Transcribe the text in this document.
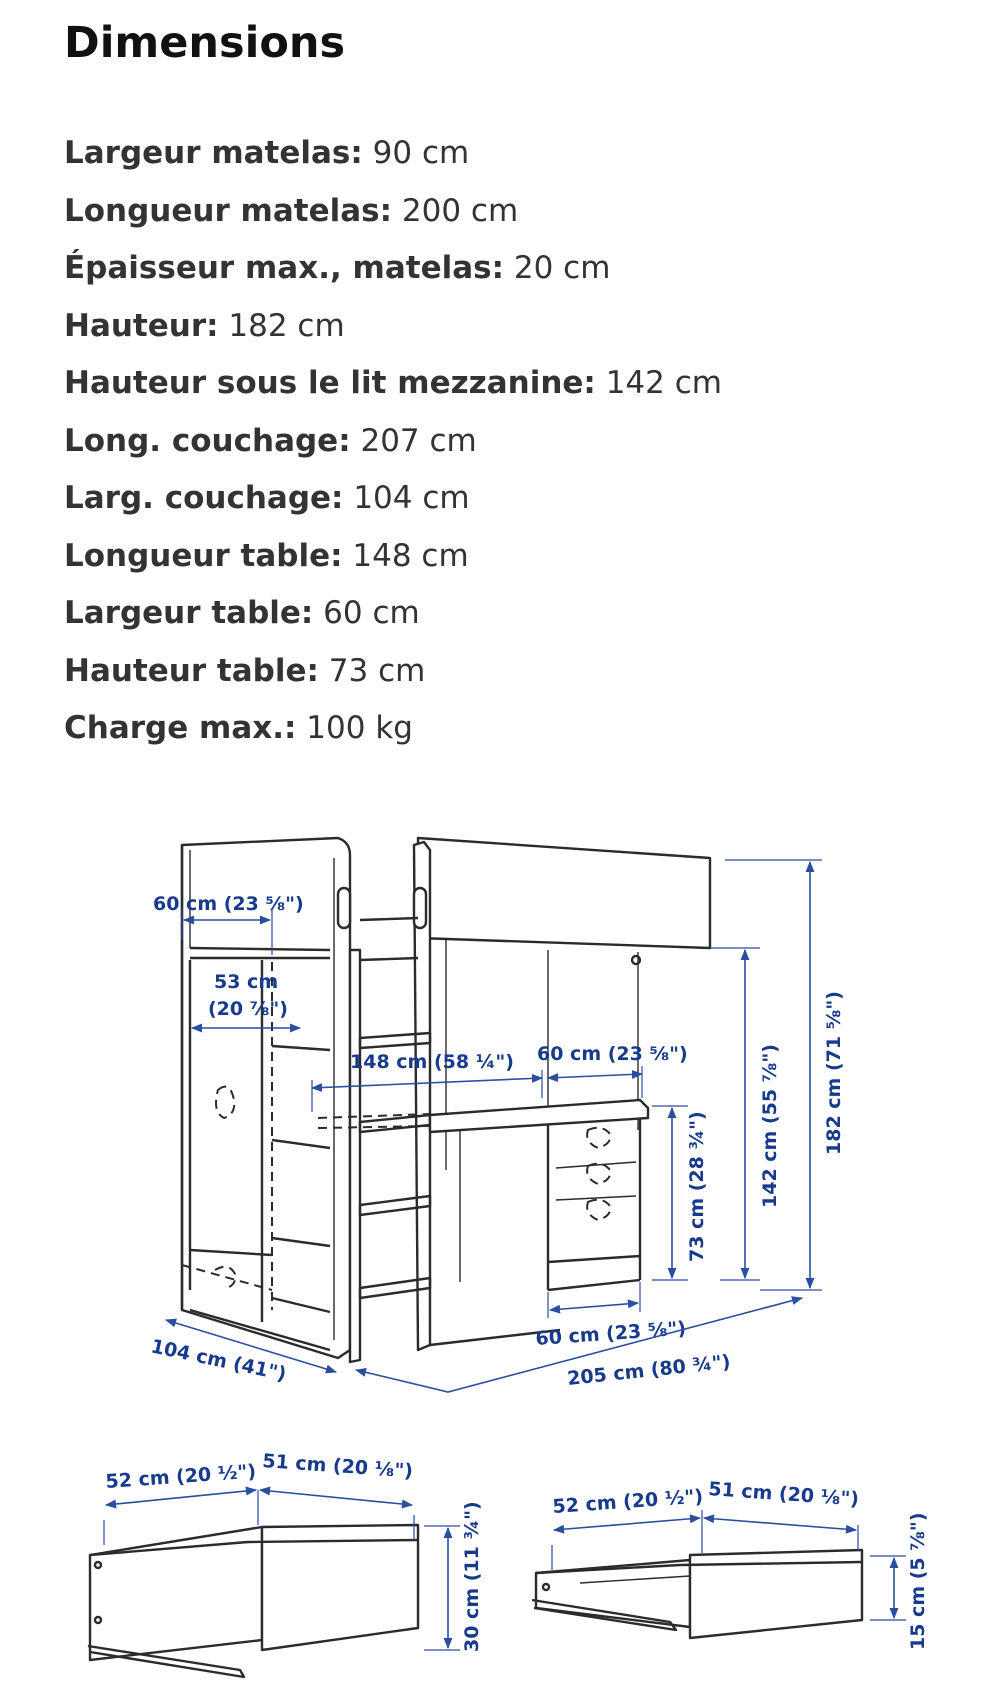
Dimensions
Largeur matelas: 90 cm
Longueur matelas: 200 cm
Épaisseur max., matelas: 20 cm
Hauteur: 182 cm
Hauteur sous le lit mezzanine: 142 cm
Long. couchage: 207 cm
Larg. couchage: 104 cm
Longueur table: 148 cm
Largeur table: 60 cm
Hauteur table: 73 cm
Charge max.: 100 kg
60 cm (23 ⅝")
53 cm
(20 ⅞")
148 cm (58 ¼") 60 cm (23 ⅝")
73 cm (28 ¾")	142 cm (55 ⅞") 182 cm (71 ⅝")
60 cm (23 ⅝")
205 cm (80 ¾")
104 cm (41")
52 cm (20 ½") 51 cm (20 ⅛")
30 cm (11 ¾")	52 cm (20 ½") 51 cm (20 ⅛")
15 cm (5 ⅞")
